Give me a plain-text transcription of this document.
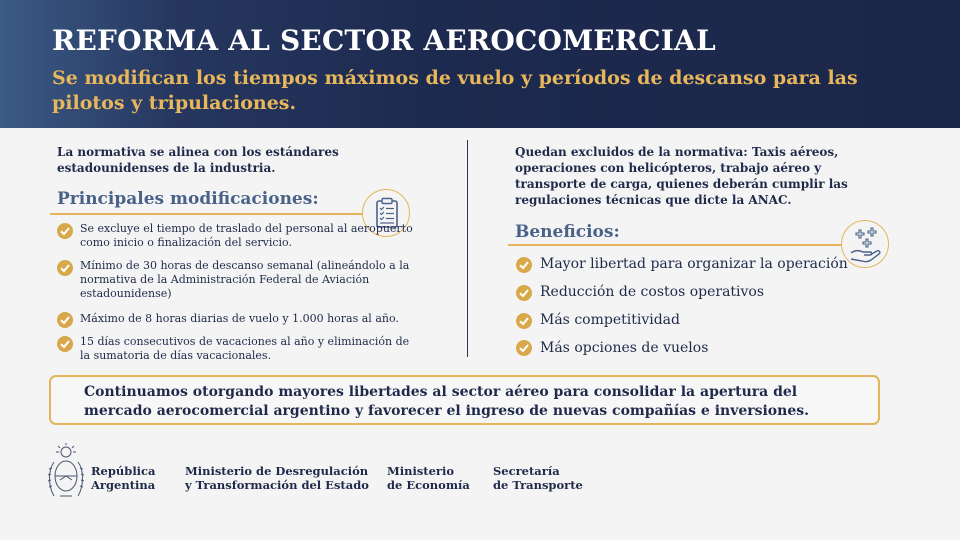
REFORMA AL SECTOR AEROCOMERCIAL
Se modifican los tiempos máximos de vuelo y períodos de descanso para las pilotos y tripulaciones.
La normativa se alinea con los estándares estadounidenses de la industria.
Principales modificaciones:
Se excluye el tiempo de traslado del personal al aeropuerto como inicio o finalización del servicio.
Mínimo de 30 horas de descanso semanal (alineándolo a la normativa de la Administración Federal de Aviación estadounidense)
Máximo de 8 horas diarias de vuelo y 1.000 horas al año.
15 días consecutivos de vacaciones al año y eliminación de la sumatoria de días vacacionales.
Quedan excluidos de la normativa: Taxis aéreos, operaciones con helicópteros, trabajo aéreo y transporte de carga, quienes deberán cumplir las regulaciones técnicas que dicte la ANAC.
Beneficios:
Mayor libertad para organizar la operación
Reducción de costos operativos
Más competitividad
Más opciones de vuelos
Continuamos otorgando mayores libertades al sector aéreo para consolidar la apertura del mercado aerocomercial argentino y favorecer el ingreso de nuevas compañías e inversiones.
República
Argentina
Ministerio de Desregulación
y Transformación del Estado
Ministerio
de Economía
Secretaría
de Transporte
